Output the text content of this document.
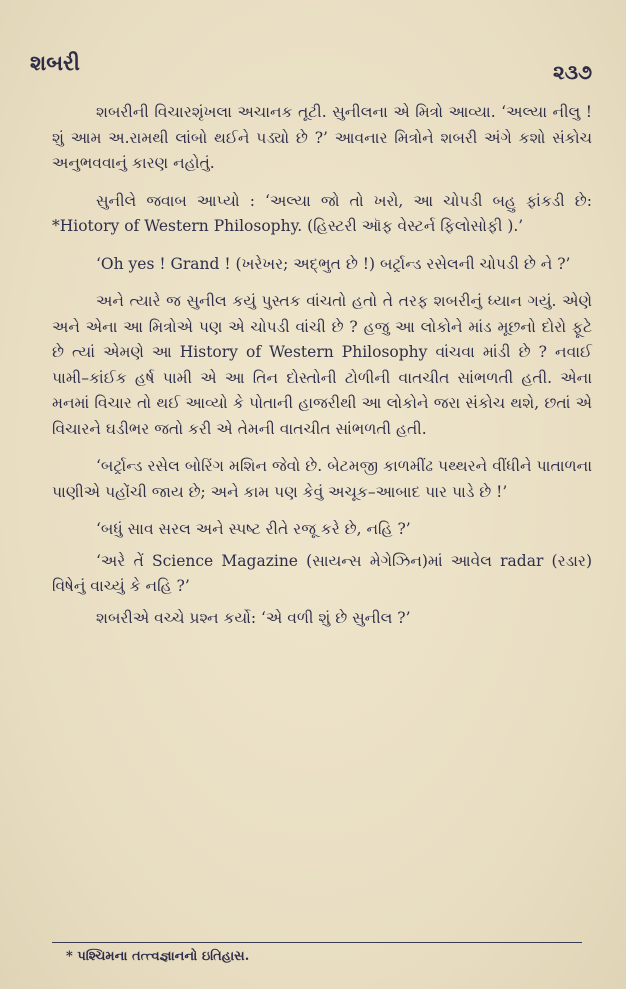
શબરી	૨૩૭

શબરીની વિચારશૃંખલા અચાનક તૂટી. સુનીલના એ મિત્રો આવ્યા. ‘અલ્યા નીલુ ! શું આમ અ.રામથી લાંબો થઈને પડ્યો છે ?’ આવનાર મિત્રોને શબરી અંગે કશો સંકોચ અનુભવવાનું કારણ નહોતું.

સુનીલે જવાબ આપ્યો : ‘અલ્યા જો તો ખરો, આ ચોપડી બહુ ફાંકડી છે: *Hiotory of Western Philosophy. (હિસ્ટરી ઑફ વેસ્ટર્ન ફિલોસોફી ).’

‘Oh yes ! Grand ! (ખરેખર; અદ્ભુત છે !) બર્ટ્રાન્ડ રસેલની ચોપડી છે ને ?’

અને ત્યારે જ સુનીલ કયું પુસ્તક વાંચતો હતો તે તરફ શબરીનું ધ્યાન ગયું. એણે અને એના આ મિત્રોએ પણ એ ચોપડી વાંચી છે ? હજુ આ લોકોને માંડ મૂછનો દોરો ફૂટે છે ત્યાં એમણે આ History of Western Philosophy વાંચવા માંડી છે ? નવાઈ પામી–કાંઈક હર્ષ પામી એ આ તિન દોસ્તોની ટોળીની વાતચીત સાંભળતી હતી. એના મનમાં વિચાર તો થઈ આવ્યો કે પોતાની હાજરીથી આ લોકોને જરા સંકોચ થશે, છતાં એ વિચારને ઘડીભર જતો કરી એ તેમની વાતચીત સાંભળતી હતી.

‘બર્ટ્રાન્ડ રસેલ બોરિંગ મશિન જેવો છે. બેટમજી કાળમીંઢ પથ્થરને વીંધીને પાતાળના પાણીએ પહોંચી જાય છે; અને કામ પણ કેવું અચૂક–આબાદ પાર પાડે છે !’

‘બધું સાવ સરલ અને સ્પષ્ટ રીતે રજૂ કરે છે, નહિ ?’

‘અરે તેં Science Magazine (સાયન્સ મેગેઝિન)માં આવેલ radar (રડાર) વિષેનું વાચ્યું કે નહિ ?’

શબરીએ વચ્ચે પ્રશ્ન કર્યો: ‘એ વળી શું છે સુનીલ ?’

* પશ્ચિમના તત્ત્વજ્ઞાનનો ઇતિહાસ.
